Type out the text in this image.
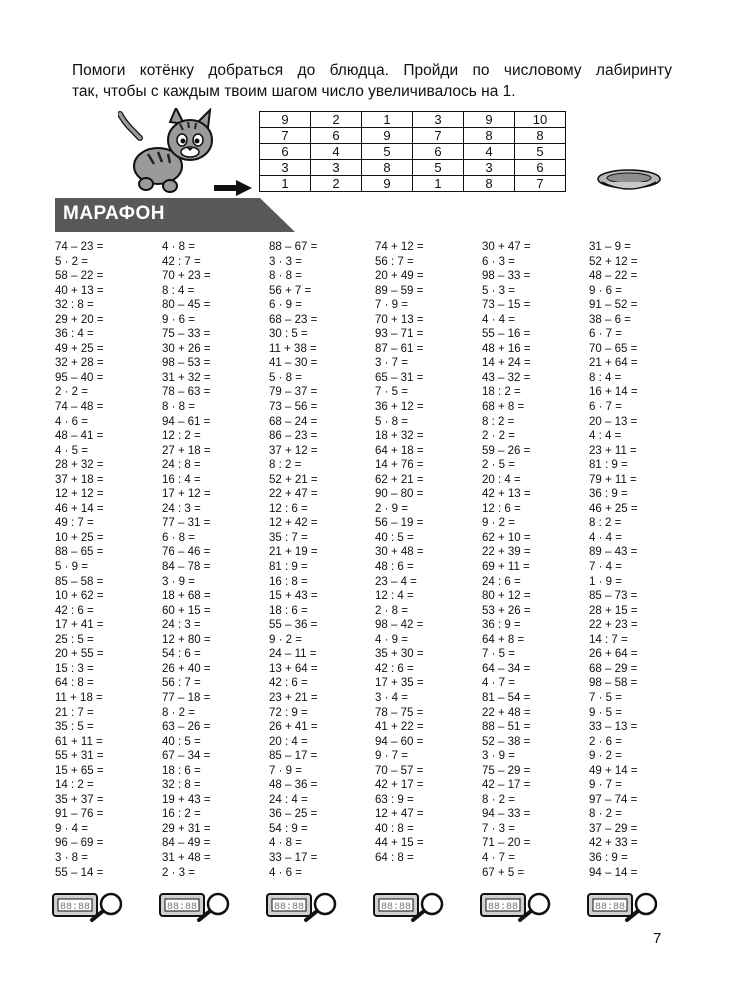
Помоги котёнку добраться до блюдца. Пройди по числовому лабиринту

так, чтобы с каждым твоим шагом число увеличивалось на 1.

9	2	1	3	9	10
7	6	9	7	8	8
6	4	5	6	4	5
3	3	8	5	3	6
1	2	9	1	8	7
МАРАФОН
74 – 23 =
5 · 2 =
58 – 22 =
40 + 13 =
32 : 8 =
29 + 20 =
36 : 4 =
49 + 25 =
32 + 28 =
95 – 40 =
2 · 2 =
74 – 48 =
4 · 6 =
48 – 41 =
4 · 5 =
28 + 32 =
37 + 18 =
12 + 12 =
46 + 14 =
49 : 7 =
10 + 25 =
88 – 65 =
5 · 9 =
85 – 58 =
10 + 62 =
42 : 6 =
17 + 41 =
25 : 5 =
20 + 55 =
15 : 3 =
64 : 8 =
11 + 18 =
21 : 7 =
35 : 5 =
61 + 11 =
55 + 31 =
15 + 65 =
14 : 2 =
35 + 37 =
91 – 76 =
9 · 4 =
96 – 69 =
3 · 8 =
55 – 14 =
4 · 8 =
42 : 7 =
70 + 23 =
8 : 4 =
80 – 45 =
9 · 6 =
75 – 33 =
30 + 26 =
98 – 53 =
31 + 32 =
78 – 63 =
8 · 8 =
94 – 61 =
12 : 2 =
27 + 18 =
24 : 8 =
16 : 4 =
17 + 12 =
24 : 3 =
77 – 31 =
6 · 8 =
76 – 46 =
84 – 78 =
3 · 9 =
18 + 68 =
60 + 15 =
24 : 3 =
12 + 80 =
54 : 6 =
26 + 40 =
56 : 7 =
77 – 18 =
8 · 2 =
63 – 26 =
40 : 5 =
67 – 34 =
18 : 6 =
32 : 8 =
19 + 43 =
16 : 2 =
29 + 31 =
84 – 49 =
31 + 48 =
2 · 3 =
88 – 67 =
3 · 3 =
8 · 8 =
56 + 7 =
6 · 9 =
68 – 23 =
30 : 5 =
11 + 38 =
41 – 30 =
5 · 8 =
79 – 37 =
73 – 56 =
68 – 24 =
86 – 23 =
37 + 12 =
8 : 2 =
52 + 21 =
22 + 47 =
12 : 6 =
12 + 42 =
35 : 7 =
21 + 19 =
81 : 9 =
16 : 8 =
15 + 43 =
18 : 6 =
55 – 36 =
9 · 2 =
24 – 11 =
13 + 64 =
42 : 6 =
23 + 21 =
72 : 9 =
26 + 41 =
20 : 4 =
85 – 17 =
7 · 9 =
48 – 36 =
24 : 4 =
36 – 25 =
54 : 9 =
4 · 8 =
33 – 17 =
4 · 6 =
74 + 12 =
56 : 7 =
20 + 49 =
89 – 59 =
7 · 9 =
70 + 13 =
93 – 71 =
87 – 61 =
3 · 7 =
65 – 31 =
7 · 5 =
36 + 12 =
5 · 8 =
18 + 32 =
64 + 18 =
14 + 76 =
62 + 21 =
90 – 80 =
2 · 9 =
56 – 19 =
40 : 5 =
30 + 48 =
48 : 6 =
23 – 4 =
12 : 4 =
2 · 8 =
98 – 42 =
4 · 9 =
35 + 30 =
42 : 6 =
17 + 35 =
3 · 4 =
78 – 75 =
41 + 22 =
94 – 60 =
9 · 7 =
70 – 57 =
42 + 17 =
63 : 9 =
12 + 47 =
40 : 8 =
44 + 15 =
64 : 8 =
30 + 47 =
6 · 3 =
98 – 33 =
5 · 3 =
73 – 15 =
4 · 4 =
55 – 16 =
48 + 16 =
14 + 24 =
43 – 32 =
18 : 2 =
68 + 8 =
8 : 2 =
2 · 2 =
59 – 26 =
2 · 5 =
20 : 4 =
42 + 13 =
12 : 6 =
9 · 2 =
62 + 10 =
22 + 39 =
69 + 11 =
24 : 6 =
80 + 12 =
53 + 26 =
36 : 9 =
64 + 8 =
7 · 5 =
64 – 34 =
4 · 7 =
81 – 54 =
22 + 48 =
88 – 51 =
52 – 38 =
3 · 9 =
75 – 29 =
42 – 17 =
8 · 2 =
94 – 33 =
7 · 3 =
71 – 20 =
4 · 7 =
67 + 5 =
31 – 9 =
52 + 12 =
48 – 22 =
9 · 6 =
91 – 52 =
38 – 6 =
6 · 7 =
70 – 65 =
21 + 64 =
8 : 4 =
16 + 14 =
6 · 7 =
20 – 13 =
4 : 4 =
23 + 11 =
81 : 9 =
79 + 11 =
36 : 9 =
46 + 25 =
8 : 2 =
4 · 4 =
89 – 43 =
7 · 4 =
1 · 9 =
85 – 73 =
28 + 15 =
22 + 23 =
14 : 7 =
26 + 64 =
68 – 29 =
98 – 58 =
7 · 5 =
9 · 5 =
33 – 13 =
2 · 6 =
9 · 2 =
49 + 14 =
9 · 7 =
97 – 74 =
8 · 2 =
37 – 29 =
42 + 33 =
36 : 9 =
94 – 14 =
88:88	88:88	88:88	88:88	88:88	88:88
7
